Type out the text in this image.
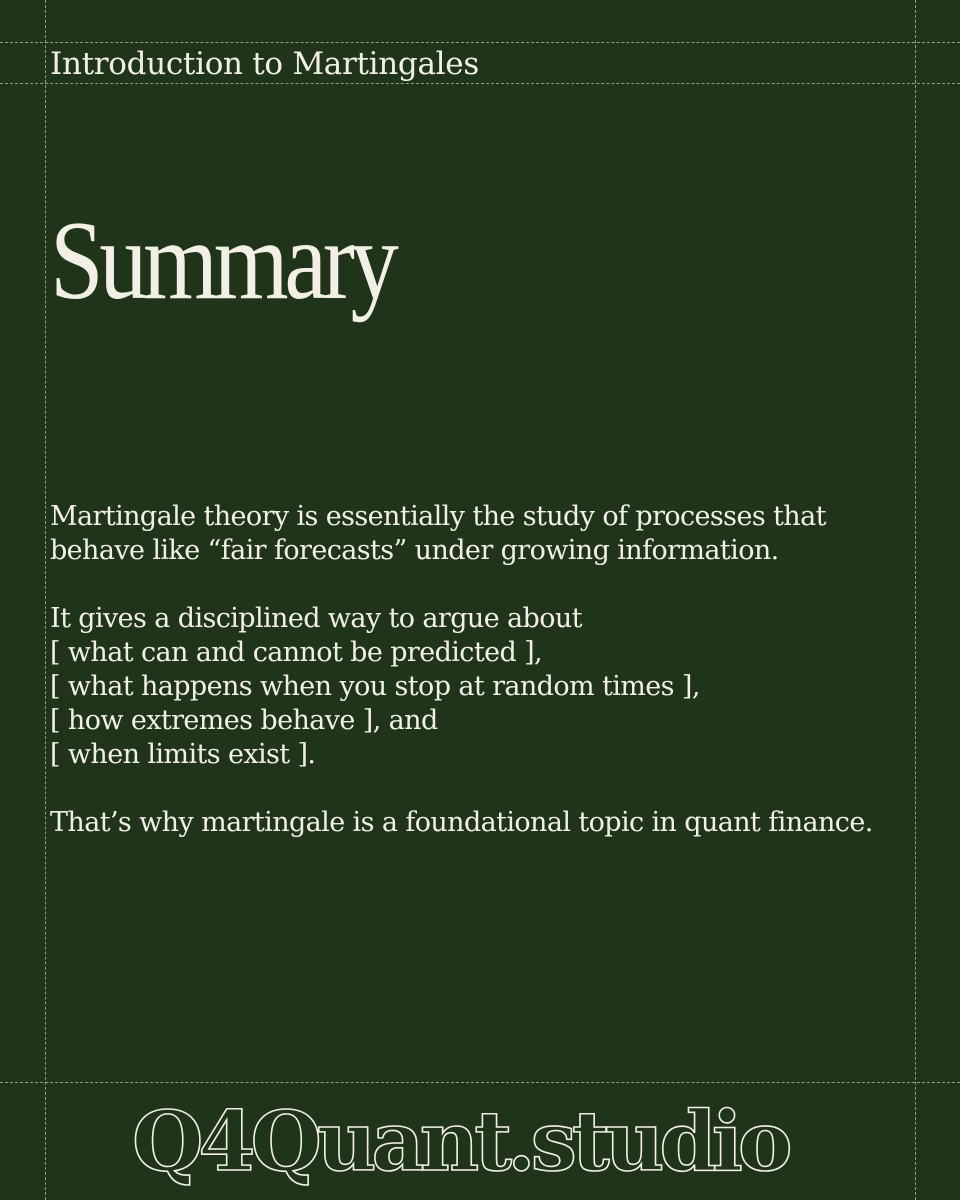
Introduction to Martingales
Summary

Martingale theory is essentially the study of processes that behave like “fair forecasts” under growing information.

It gives a disciplined way to argue about
[ what can and cannot be predicted ],
[ what happens when you stop at random times ],
[ how extremes behave ], and
[ when limits exist ].

That’s why martingale is a foundational topic in quant finance.

Q4Quant.studio
